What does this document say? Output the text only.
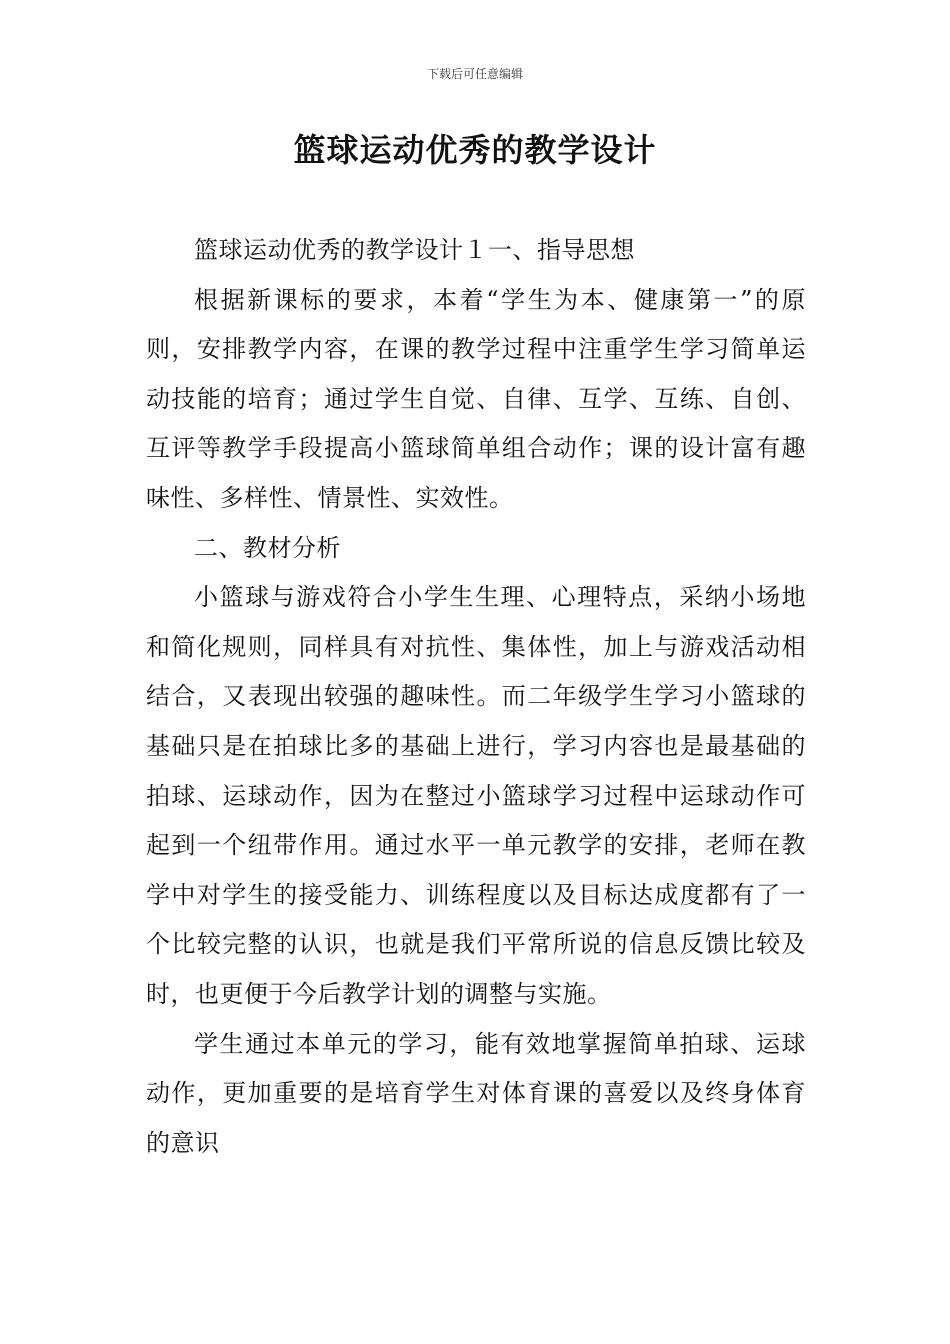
下载后可任意编辑
篮球运动优秀的教学设计

篮球运动优秀的教学设计１一、指导思想

根据新课标的要求，本着“学生为本、健康第一”的原则，安排教学内容，在课的教学过程中注重学生学习简单运动技能的培育；通过学生自觉、自律、互学、互练、自创、互评等教学手段提高小篮球简单组合动作；课的设计富有趣味性、多样性、情景性、实效性。

二、教材分析

小篮球与游戏符合小学生生理、心理特点，采纳小场地和简化规则，同样具有对抗性、集体性，加上与游戏活动相结合，又表现出较强的趣味性。而二年级学生学习小篮球的基础只是在拍球比多的基础上进行，学习内容也是最基础的拍球、运球动作，因为在整过小篮球学习过程中运球动作可起到一个纽带作用。通过水平一单元教学的安排，老师在教学中对学生的接受能力、训练程度以及目标达成度都有了一个比较完整的认识，也就是我们平常所说的信息反馈比较及时，也更便于今后教学计划的调整与实施。

学生通过本单元的学习，能有效地掌握简单拍球、运球动作，更加重要的是培育学生对体育课的喜爱以及终身体育的意识
